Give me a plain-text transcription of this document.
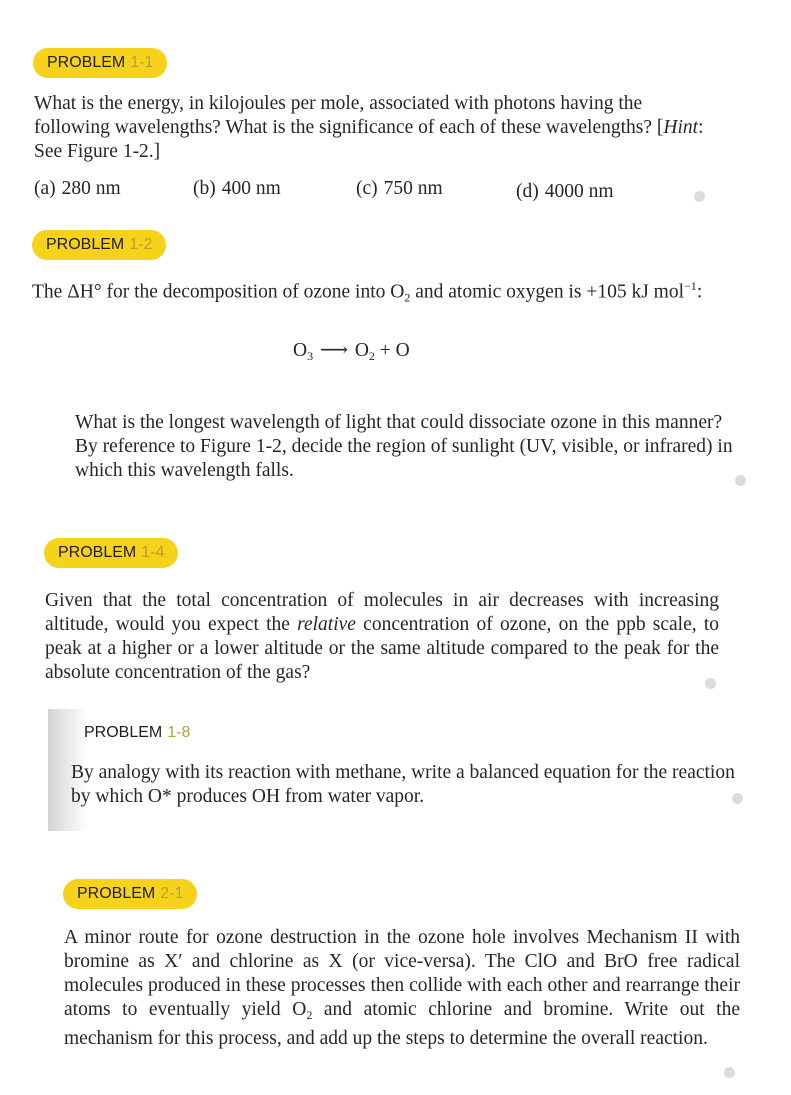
PROBLEM 1-1

What is the energy, in kilojoules per mole, associated with photons having the following wavelengths? What is the significance of each of these wavelengths? [Hint: See Figure 1-2.]

(a) 280 nm	(b) 400 nm	(c) 750 nm	(d) 4000 nm
PROBLEM 1-2

The ΔH° for the decomposition of ozone into $O_2$ and atomic oxygen is +105 kJ mol$^{-1}$:

$O_3$ ⟶ $O_2 + O$

What is the longest wavelength of light that could dissociate ozone in this manner? By reference to Figure 1-2, decide the region of sunlight (UV, visible, or infrared) in which this wavelength falls.

PROBLEM 1-4

Given that the total concentration of molecules in air decreases with increasing altitude, would you expect the relative concentration of ozone, on the ppb scale, to peak at a higher or a lower altitude or the same altitude compared to the peak for the absolute concentration of the gas?

PROBLEM 1-8

By analogy with its reaction with methane, write a balanced equation for the reaction by which O* produces OH from water vapor.

PROBLEM 2-1

A minor route for ozone destruction in the ozone hole involves Mechanism II with bromine as X′ and chlorine as X (or vice-versa). The ClO and BrO free radical molecules produced in these processes then collide with each other and rearrange their atoms to eventually yield $O_2$ and atomic chlorine and bromine. Write out the mechanism for this process, and add up the steps to determine the overall reaction.
